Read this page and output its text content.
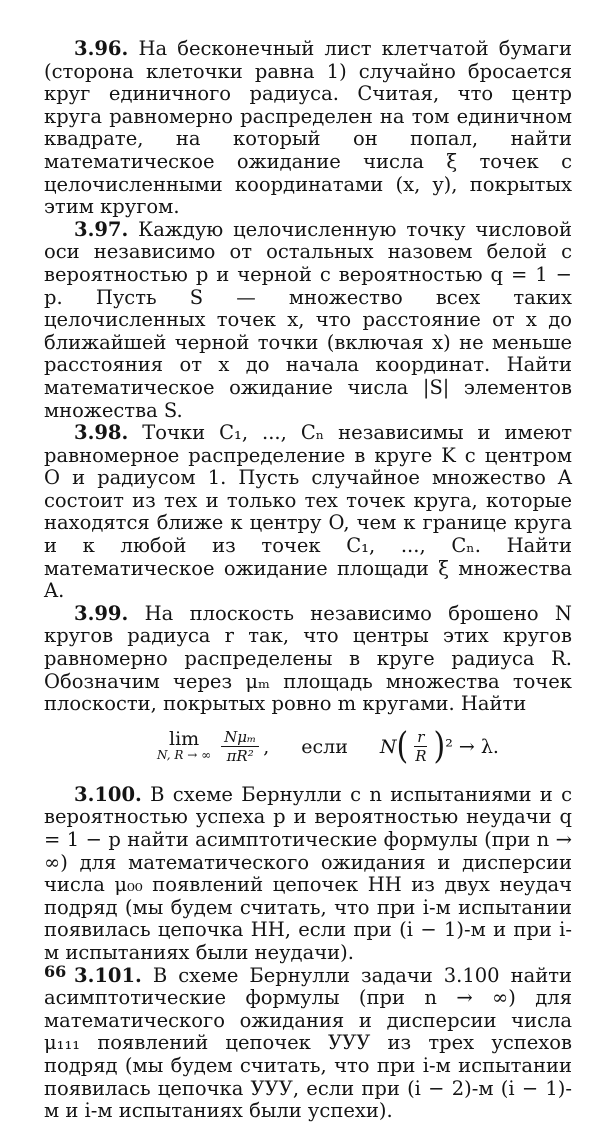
3.96. На бесконечный лист клетчатой бумаги (сторона клеточки равна 1) случайно бросается круг единичного радиуса. Считая, что центр круга равномерно распределен на том единичном квадрате, на который он попал, найти математическое ожидание числа ξ точек с целочисленными координатами (x, y), покрытых этим кругом.

3.97. Каждую целочисленную точку числовой оси независимо от остальных назовем белой с вероятностью p и черной с вероятностью q = 1 − p. Пусть S — множество всех таких целочисленных точек x, что расстояние от x до ближайшей черной точки (включая x) не меньше расстояния от x до начала координат. Найти математическое ожидание числа |S| элементов множества S.

3.98. Точки C₁, ..., Cₙ независимы и имеют равномерное распределение в круге K с центром O и радиусом 1. Пусть случайное множество A состоит из тех и только тех точек круга, которые находятся ближе к центру O, чем к границе круга и к любой из точек C₁, ..., Cₙ. Найти математическое ожидание площади ξ множества A.

3.99. На плоскость независимо брошено N кругов радиуса r так, что центры этих кругов равномерно распределены в круге радиуса R. Обозначим через μₘ площадь множества точек плоскости, покрытых ровно m кругами. Найти

lim
N, R → ∞ $\frac{\text{Nμₘ}}{\text{πR²}}$ , если N ( $\frac{r}{R}$ ) ² → λ.

3.100. В схеме Бернулли с n испытаниями и с вероятностью успеха p и вероятностью неудачи q = 1 − p найти асимптотические формулы (при n → ∞) для математического ожидания и дисперсии числа μ₀₀ появлений цепочек НН из двух неудач подряд (мы будем считать, что при i-м испытании появилась цепочка НН, если при (i − 1)-м и при i-м испытаниях были неудачи).

3.101. В схеме Бернулли задачи 3.100 найти асимптотические формулы (при n → ∞) для математического ожидания и дисперсии числа μ₁₁₁ появлений цепочек УУУ из трех успехов подряд (мы будем считать, что при i-м испытании появилась цепочка УУУ, если при (i − 2)-м (i − 1)-м и i-м испытаниях были успехи).

66
